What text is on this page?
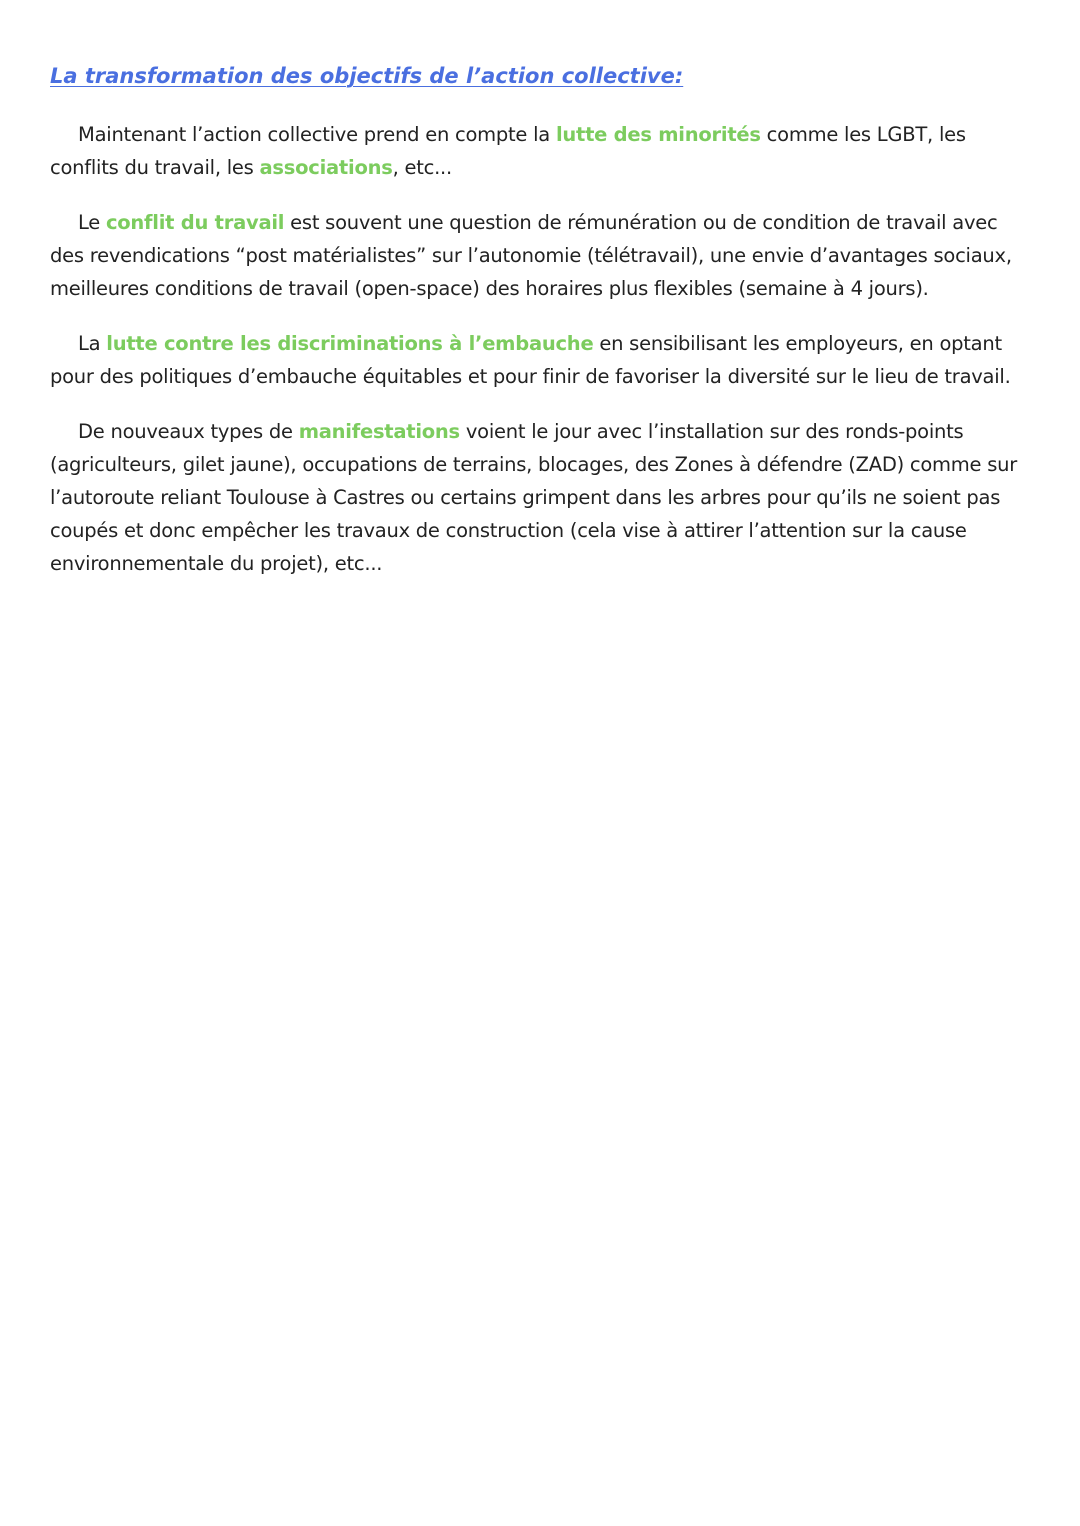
La transformation des objectifs de l’action collective:

Maintenant l’action collective prend en compte la lutte des minorités comme les LGBT, les conflits du travail, les associations, etc...

Le conflit du travail est souvent une question de rémunération ou de condition de travail avec des revendications “post matérialistes” sur l’autonomie (télétravail), une envie d’avantages sociaux, meilleures conditions de travail (open-space) des horaires plus flexibles (semaine à 4 jours).

La lutte contre les discriminations à l’embauche en sensibilisant les employeurs, en optant pour des politiques d’embauche équitables et pour finir de favoriser la diversité sur le lieu de travail.

De nouveaux types de manifestations voient le jour avec l’installation sur des ronds-points (agriculteurs, gilet jaune), occupations de terrains, blocages, des Zones à défendre (ZAD) comme sur l’autoroute reliant Toulouse à Castres ou certains grimpent dans les arbres pour qu’ils ne soient pas coupés et donc empêcher les travaux de construction (cela vise à attirer l’attention sur la cause environnementale du projet), etc...
